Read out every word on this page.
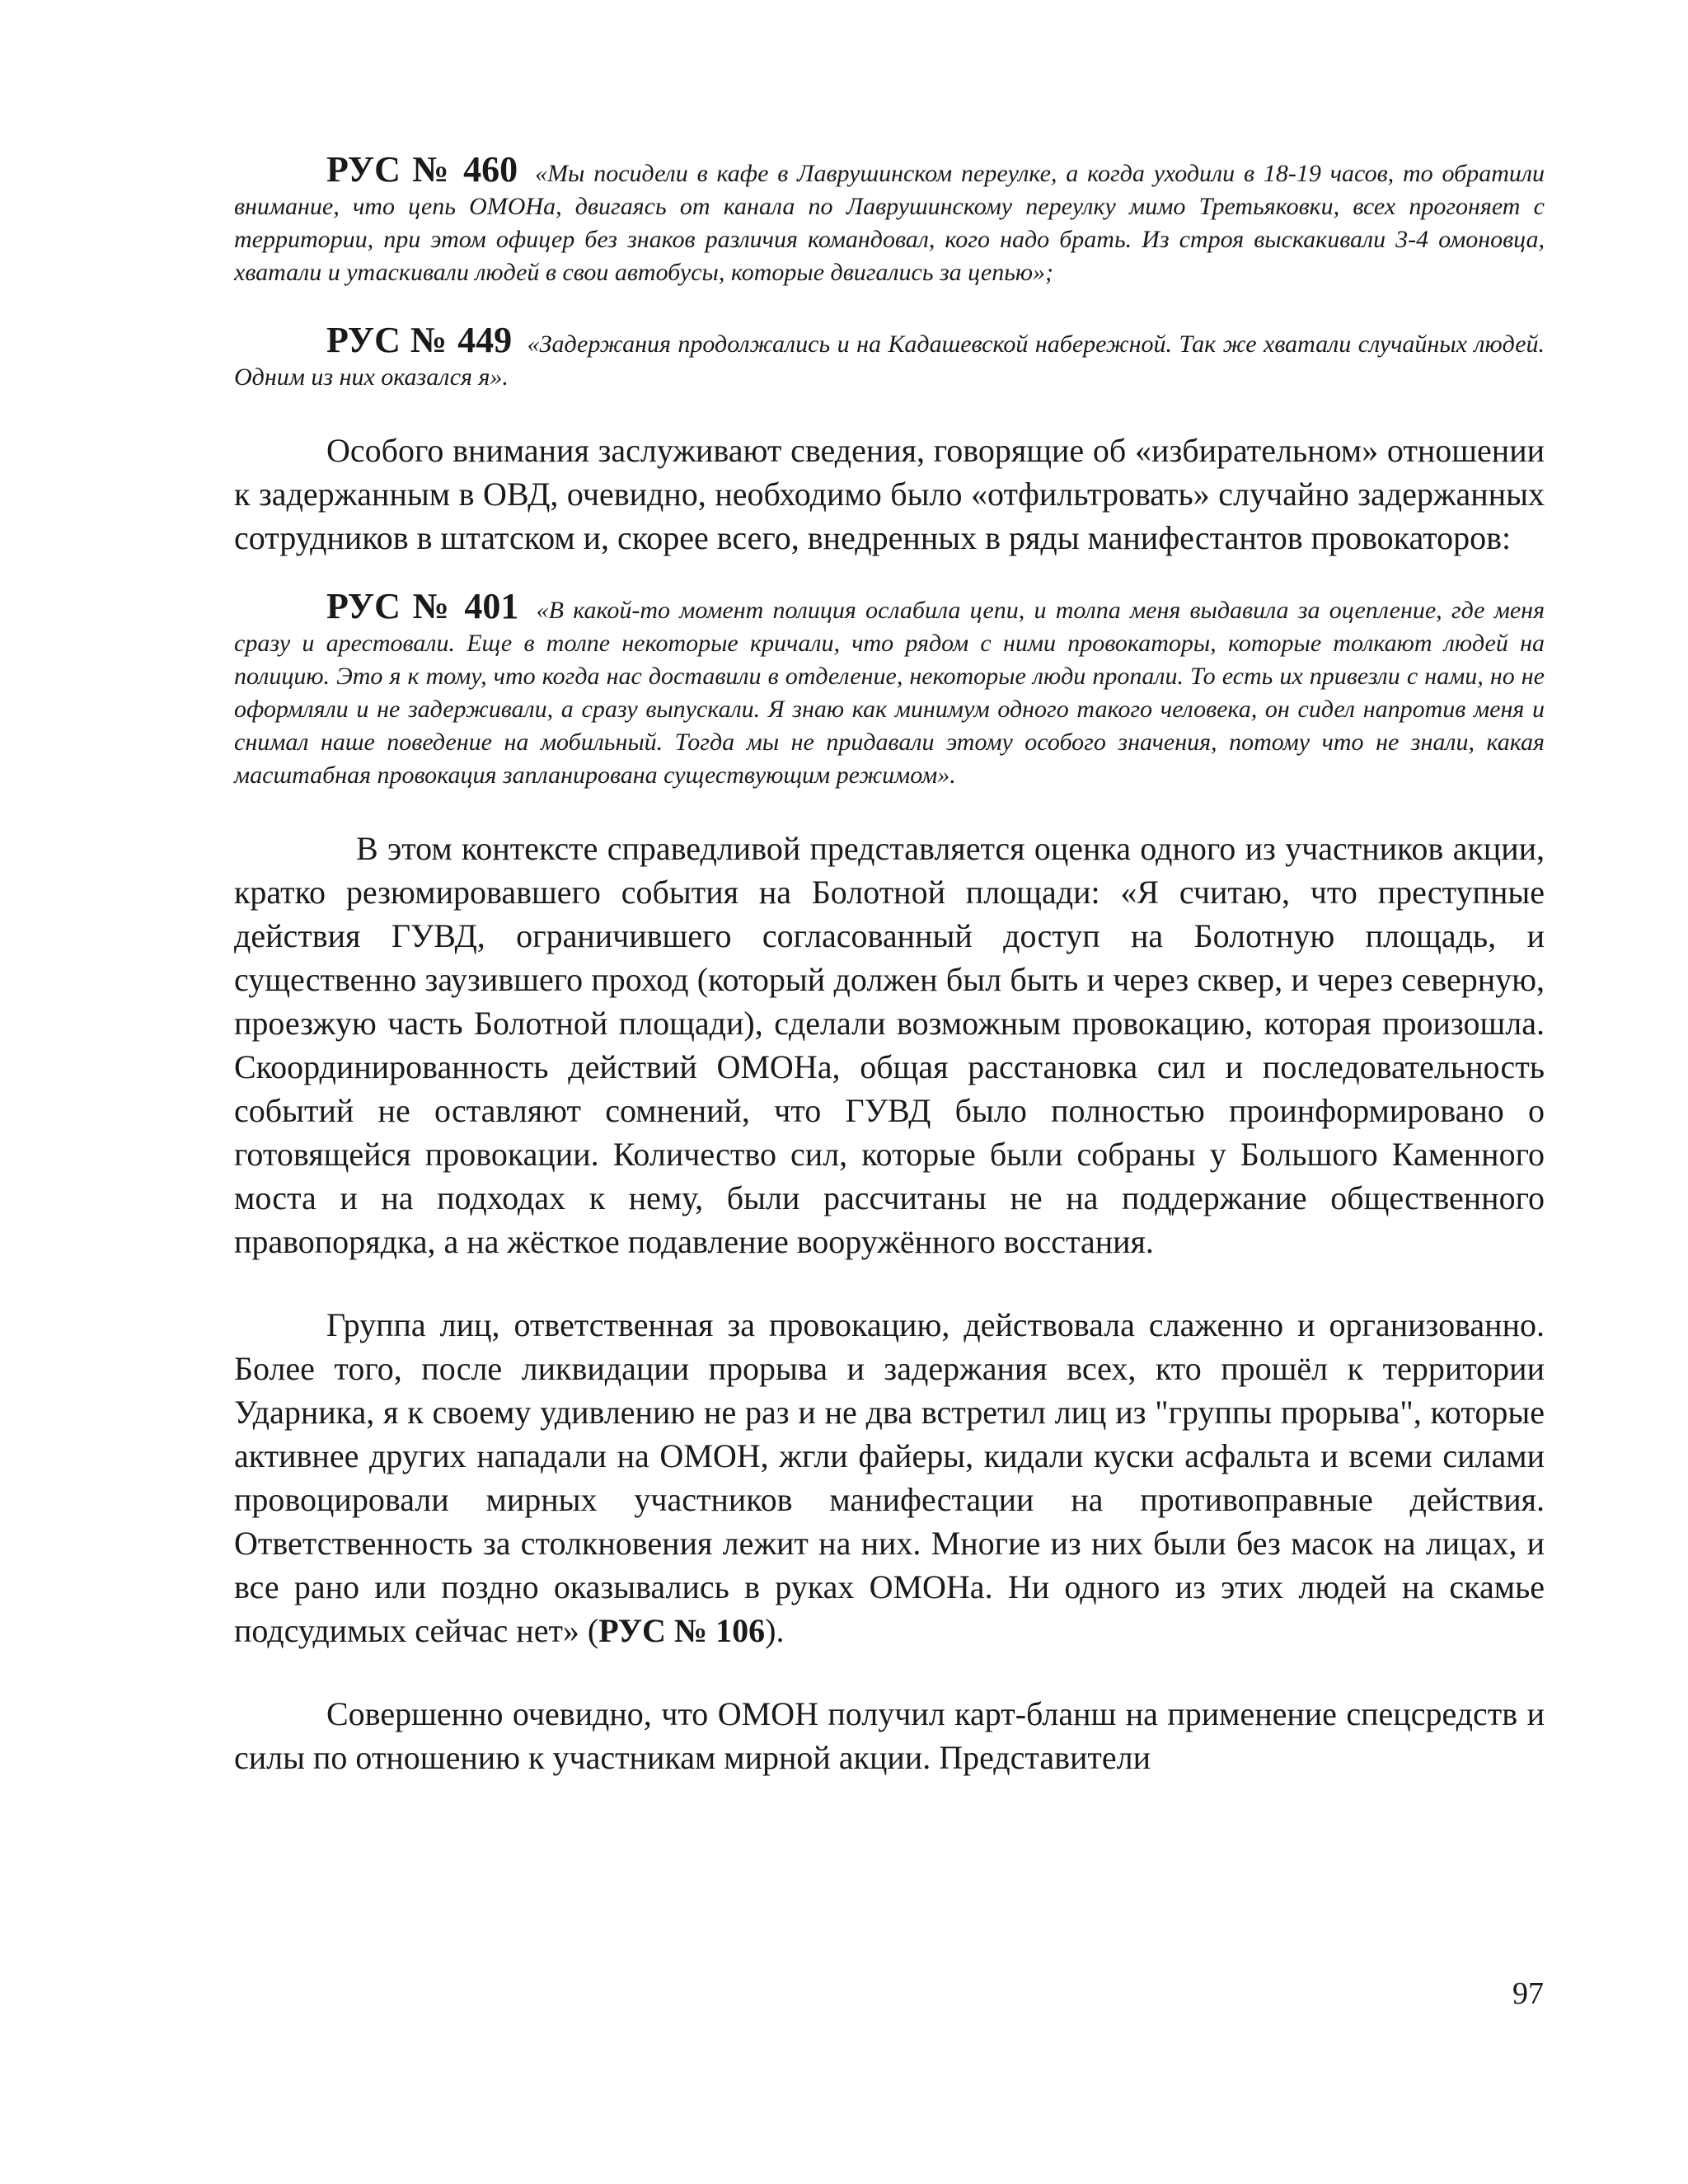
РУС № 460 «Мы посидели в кафе в Лаврушинском переулке, а когда уходили в 18-19 часов, то обратили внимание, что цепь ОМОНа, двигаясь от канала по Лаврушинскому переулку мимо Третьяковки, всех прогоняет с территории, при этом офицер без знаков различия командовал, кого надо брать. Из строя выскакивали 3-4 омоновца, хватали и утаскивали людей в свои автобусы, которые двигались за цепью»;

РУС № 449 «Задержания продолжались и на Кадашевской набережной. Так же хватали случайных людей. Одним из них оказался я».

Особого внимания заслуживают сведения, говорящие об «избирательном» отношении к задержанным в ОВД, очевидно, необходимо было «отфильтровать» случайно задержанных сотрудников в штатском и, скорее всего, внедренных в ряды манифестантов провокаторов:

РУС № 401 «В какой-то момент полиция ослабила цепи, и толпа меня выдавила за оцепление, где меня сразу и арестовали. Еще в толпе некоторые кричали, что рядом с ними провокаторы, которые толкают людей на полицию. Это я к тому, что когда нас доставили в отделение, некоторые люди пропали. То есть их привезли с нами, но не оформляли и не задерживали, а сразу выпускали. Я знаю как минимум одного такого человека, он сидел напротив меня и снимал наше поведение на мобильный. Тогда мы не придавали этому особого значения, потому что не знали, какая масштабная провокация запланирована существующим режимом».

В этом контексте справедливой представляется оценка одного из участников акции, кратко резюмировавшего события на Болотной площади: «Я считаю, что преступные действия ГУВД, ограничившего согласованный доступ на Болотную площадь, и существенно заузившего проход (который должен был быть и через сквер, и через северную, проезжую часть Болотной площади), сделали возможным провокацию, которая произошла. Скоординированность действий ОМОНа, общая расстановка сил и последовательность событий не оставляют сомнений, что ГУВД было полностью проинформировано о готовящейся провокации. Количество сил, которые были собраны у Большого Каменного моста и на подходах к нему, были рассчитаны не на поддержание общественного правопорядка, а на жёсткое подавление вооружённого восстания.

Группа лиц, ответственная за провокацию, действовала слаженно и организованно. Более того, после ликвидации прорыва и задержания всех, кто прошёл к территории Ударника, я к своему удивлению не раз и не два встретил лиц из "группы прорыва", которые активнее других нападали на ОМОН, жгли файеры, кидали куски асфальта и всеми силами провоцировали мирных участников манифестации на противоправные действия. Ответственность за столкновения лежит на них. Многие из них были без масок на лицах, и все рано или поздно оказывались в руках ОМОНа. Ни одного из этих людей на скамье подсудимых сейчас нет» (РУС № 106).

Совершенно очевидно, что ОМОН получил карт-бланш на применение спецсредств и силы по отношению к участникам мирной акции. Представители

97
